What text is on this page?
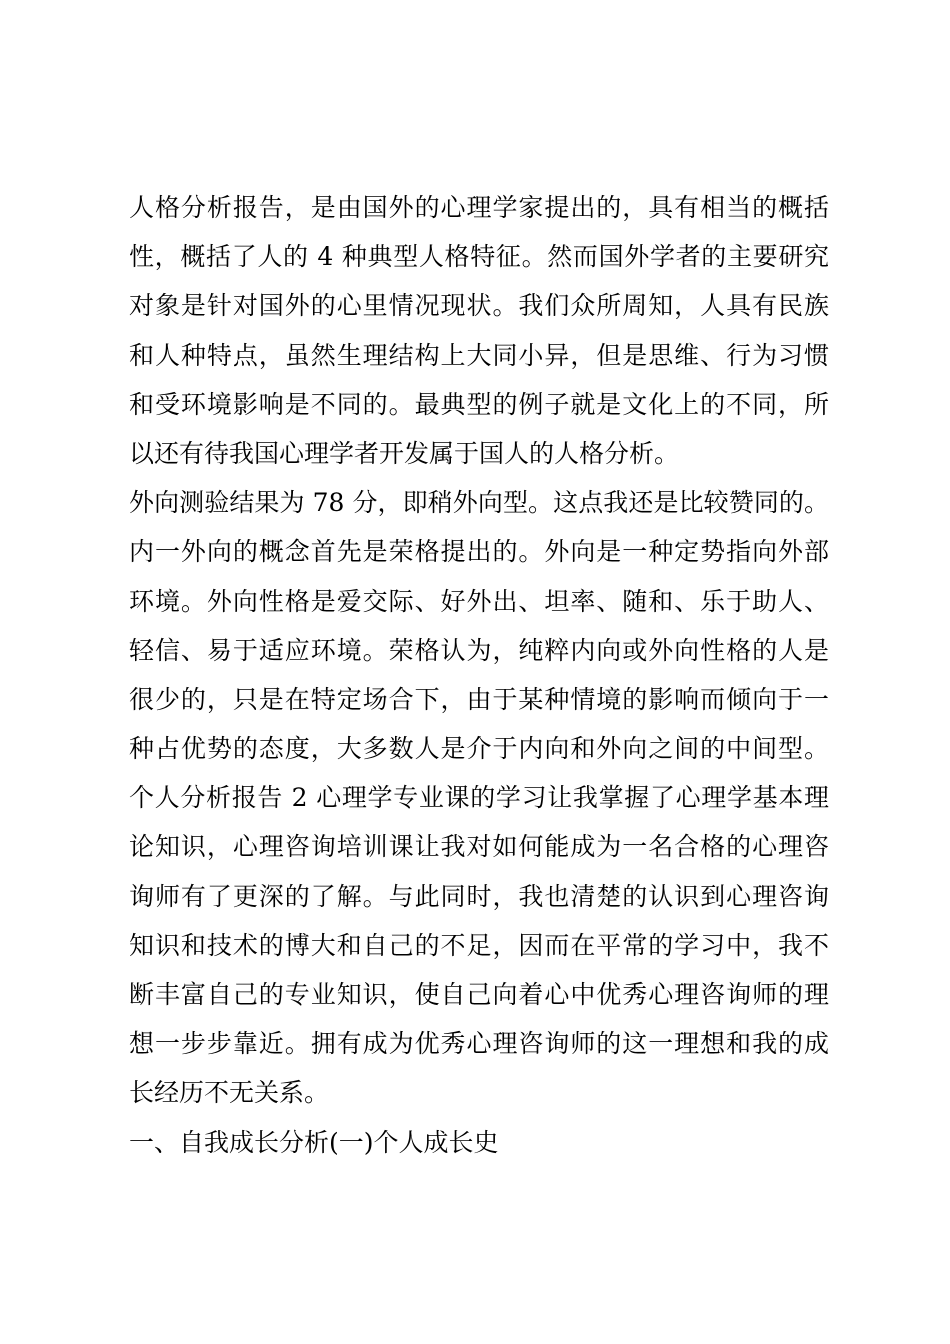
人格分析报告，是由国外的心理学家提出的，具有相当的概括
性，概括了人的 4 种典型人格特征。然而国外学者的主要研究
对象是针对国外的心里情况现状。我们众所周知，人具有民族
和人种特点，虽然生理结构上大同小异，但是思维、行为习惯
和受环境影响是不同的。最典型的例子就是文化上的不同，所
以还有待我国心理学者开发属于国人的人格分析。
外向测验结果为 78 分，即稍外向型。这点我还是比较赞同的。
内一外向的概念首先是荣格提出的。外向是一种定势指向外部
环境。外向性格是爱交际、好外出、坦率、随和、乐于助人、
轻信、易于适应环境。荣格认为，纯粹内向或外向性格的人是
很少的，只是在特定场合下，由于某种情境的影响而倾向于一
种占优势的态度，大多数人是介于内向和外向之间的中间型。
个人分析报告 2 心理学专业课的学习让我掌握了心理学基本理
论知识，心理咨询培训课让我对如何能成为一名合格的心理咨
询师有了更深的了解。与此同时，我也清楚的认识到心理咨询
知识和技术的博大和自己的不足，因而在平常的学习中，我不
断丰富自己的专业知识，使自己向着心中优秀心理咨询师的理
想一步步靠近。拥有成为优秀心理咨询师的这一理想和我的成
长经历不无关系。
一、自我成长分析(一)个人成长史
